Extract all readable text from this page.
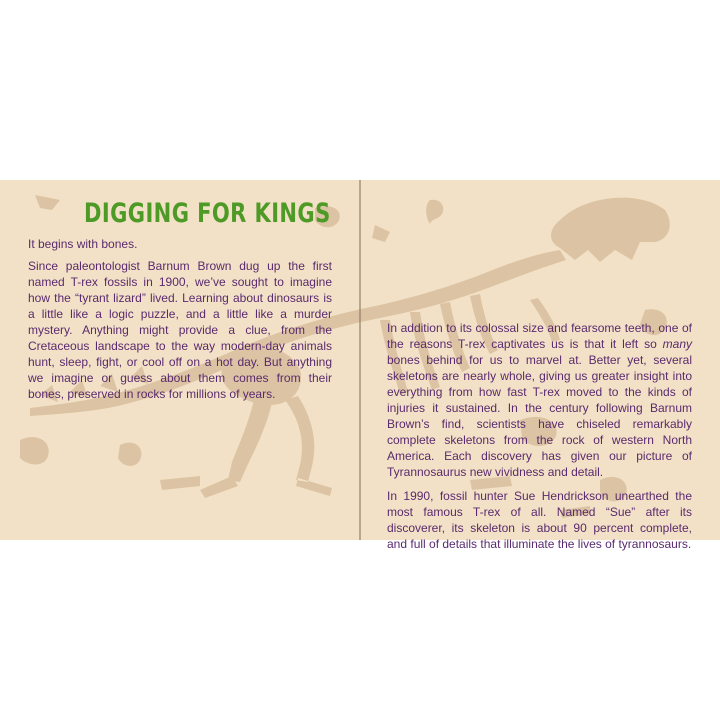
DIGGING FOR KINGS

It begins with bones.

Since paleontologist Barnum Brown dug up the first named T-rex fossils in 1900, we’ve sought to imagine how the “tyrant lizard” lived. Learning about dinosaurs is a little like a logic puzzle, and a little like a murder mystery. Anything might provide a clue, from the Cretaceous landscape to the way modern-day animals hunt, sleep, fight, or cool off on a hot day. But anything we imagine or guess about them comes from their bones, preserved in rocks for millions of years.

In addition to its colossal size and fearsome teeth, one of the reasons T-rex captivates us is that it left so many bones behind for us to marvel at. Better yet, several skeletons are nearly whole, giving us greater insight into everything from how fast T-rex moved to the kinds of injuries it sustained. In the century following Barnum Brown’s find, scientists have chiseled remarkably complete skeletons from the rock of western North America. Each discovery has given our picture of Tyrannosaurus new vividness and detail.

In 1990, fossil hunter Sue Hendrickson unearthed the most famous T-rex of all. Named “Sue” after its discoverer, its skeleton is about 90 percent complete, and full of details that illuminate the lives of tyrannosaurs.
